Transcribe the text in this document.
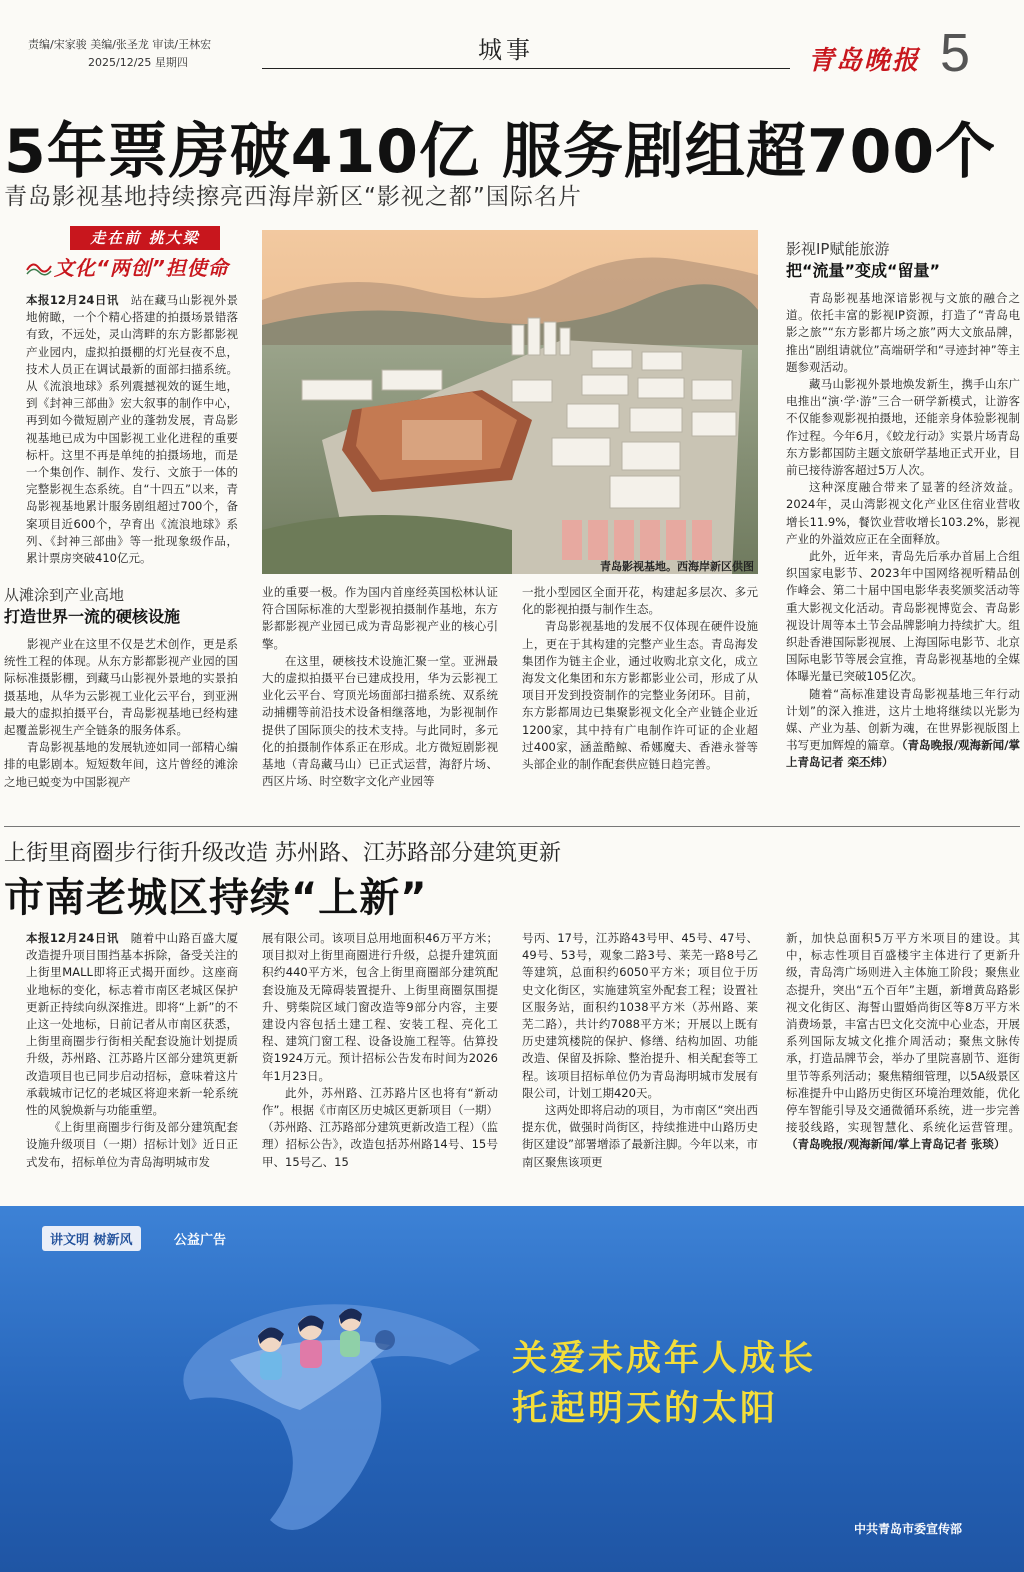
责编/宋家骏 美编/张圣龙 审读/王林宏
2025/12/25 星期四	城事	青岛晚报 5
5年票房破410亿 服务剧组超700个
青岛影视基地持续擦亮西海岸新区“影视之都”国际名片
走在前 挑大梁
文化“两创”担使命

本报12月24日讯　 站在藏马山影视外景地俯瞰，一个个精心搭建的拍摄场景错落有致，不远处，灵山湾畔的东方影都影视产业园内，虚拟拍摄棚的灯光昼夜不息，技术人员正在调试最新的面部扫描系统。从《流浪地球》系列震撼视效的诞生地，到《封神三部曲》宏大叙事的制作中心，再到如今微短剧产业的蓬勃发展，青岛影视基地已成为中国影视工业化进程的重要标杆。这里不再是单纯的拍摄场地，而是一个集创作、制作、发行、文旅于一体的完整影视生态系统。自“十四五”以来，青岛影视基地累计服务剧组超过700个，备案项目近600个，孕育出《流浪地球》系列、《封神三部曲》等一批现象级作品，累计票房突破410亿元。

从滩涂到产业高地
打造世界一流的硬核设施

影视产业在这里不仅是艺术创作，更是系统性工程的体现。从东方影都影视产业园的国际标准摄影棚，到藏马山影视外景地的实景拍摄基地，从华为云影视工业化云平台，到亚洲最大的虚拟拍摄平台，青岛影视基地已经构建起覆盖影视生产全链条的服务体系。

青岛影视基地的发展轨迹如同一部精心编排的电影剧本。短短数年间，这片曾经的滩涂之地已蜕变为中国影视产

青岛影视基地。西海岸新区供图

业的重要一极。作为国内首座经英国松林认证符合国际标准的大型影视拍摄制作基地，东方影都影视产业园已成为青岛影视产业的核心引擎。

在这里，硬核技术设施汇聚一堂。亚洲最大的虚拟拍摄平台已建成投用，华为云影视工业化云平台、穹顶光场面部扫描系统、双系统动捕棚等前沿技术设备相继落地，为影视制作提供了国际顶尖的技术支持。与此同时，多元化的拍摄制作体系正在形成。北方微短剧影视基地（青岛藏马山）已正式运营，海舒片场、西区片场、时空数字文化产业园等

一批小型园区全面开花，构建起多层次、多元化的影视拍摄与制作生态。

青岛影视基地的发展不仅体现在硬件设施上，更在于其构建的完整产业生态。青岛海发集团作为链主企业，通过收购北京文化，成立海发文化集团和东方影都影业公司，形成了从项目开发到投资制作的完整业务闭环。目前，东方影都周边已集聚影视文化全产业链企业近1200家，其中持有广电制作许可证的企业超过400家，涵盖酷鲸、希娜魔夫、香港永誉等头部企业的制作配套供应链日趋完善。

影视IP赋能旅游
把“流量”变成“留量”

青岛影视基地深谙影视与文旅的融合之道。依托丰富的影视IP资源，打造了“青岛电影之旅”“东方影都片场之旅”两大文旅品牌，推出“剧组请就位”高端研学和“寻迹封神”等主题参观活动。

藏马山影视外景地焕发新生，携手山东广电推出“演·学·游”三合一研学新模式，让游客不仅能参观影视拍摄地，还能亲身体验影视制作过程。今年6月，《蛟龙行动》实景片场青岛东方影都国防主题文旅研学基地正式开业，目前已接待游客超过5万人次。

这种深度融合带来了显著的经济效益。2024年，灵山湾影视文化产业区住宿业营收增长11.9%，餐饮业营收增长103.2%，影视产业的外溢效应正在全面释放。

此外，近年来，青岛先后承办首届上合组织国家电影节、2023年中国网络视听精品创作峰会、第二十届中国电影华表奖颁奖活动等重大影视文化活动。青岛影视博览会、青岛影视设计周等本土节会品牌影响力持续扩大。组织赴香港国际影视展、上海国际电影节、北京国际电影节等展会宣推，青岛影视基地的全媒体曝光量已突破105亿次。

随着“高标准建设青岛影视基地三年行动计划”的深入推进，这片土地将继续以光影为媒、产业为基、创新为魂，在世界影视版图上书写更加辉煌的篇章。（青岛晚报/观海新闻/掌上青岛记者 栾丕炜）

上街里商圈步行街升级改造 苏州路、江苏路部分建筑更新
市南老城区持续“上新”

本报12月24日讯　 随着中山路百盛大厦改造提升项目围挡基本拆除，备受关注的上街里MALL即将正式揭开面纱。这座商业地标的变化，标志着市南区老城区保护更新正持续向纵深推进。即将“上新”的不止这一处地标，日前记者从市南区获悉，上街里商圈步行街相关配套设施计划提质升级，苏州路、江苏路片区部分建筑更新改造项目也已同步启动招标，意味着这片承载城市记忆的老城区将迎来新一轮系统性的风貌焕新与功能重塑。

《上街里商圈步行街及部分建筑配套设施升级项目（一期）招标计划》近日正式发布，招标单位为青岛海明城市发

展有限公司。该项目总用地面积46万平方米；项目拟对上街里商圈进行升级，总提升建筑面积约440平方米，包含上街里商圈部分建筑配套设施及无障碍装置提升、上街里商圈氛围提升、劈柴院区域门窗改造等9部分内容，主要建设内容包括土建工程、安装工程、亮化工程、建筑门窗工程、设备设施工程等。估算投资1924万元。预计招标公告发布时间为2026年1月23日。

此外，苏州路、江苏路片区也将有“新动作”。根据《市南区历史城区更新项目（一期）（苏州路、江苏路部分建筑更新改造工程）（监理）招标公告》，改造包括苏州路14号、15号甲、15号乙、15

号丙、17号，江苏路43号甲、45号、47号、49号、53号，观象二路3号、莱芜一路8号乙等建筑，总面积约6050平方米；项目位于历史文化街区，实施建筑室外配套工程；设置社区服务站，面积约1038平方米（苏州路、莱芜二路），共计约7088平方米；开展以上既有历史建筑楼院的保护、修缮、结构加固、功能改造、保留及拆除、整治提升、相关配套等工程。该项目招标单位仍为青岛海明城市发展有限公司，计划工期420天。

这两处即将启动的项目，为市南区“突出西提东优，做强时尚街区，持续推进中山路历史街区建设”部署增添了最新注脚。今年以来，市南区聚焦该项更

新，加快总面积5万平方米项目的建设。其中，标志性项目百盛楼宇主体进行了更新升级，青岛湾广场则进入主体施工阶段；聚焦业态提升，突出“五个百年”主题，新增黄岛路影视文化街区、海誓山盟婚尚街区等8万平方米消费场景，丰富古巴文化交流中心业态，开展系列国际友城文化推介周活动；聚焦文脉传承，打造品牌节会，举办了里院喜剧节、逛街里节等系列活动；聚焦精细管理，以5A级景区标准提升中山路历史街区环境治理效能，优化停车智能引导及交通微循环系统，进一步完善接驳线路，实现智慧化、系统化运营管理。（青岛晚报/观海新闻/掌上青岛记者 张琰）

讲文明 树新风	公益广告
关爱未成年人成长
托起明天的太阳
中共青岛市委宣传部
